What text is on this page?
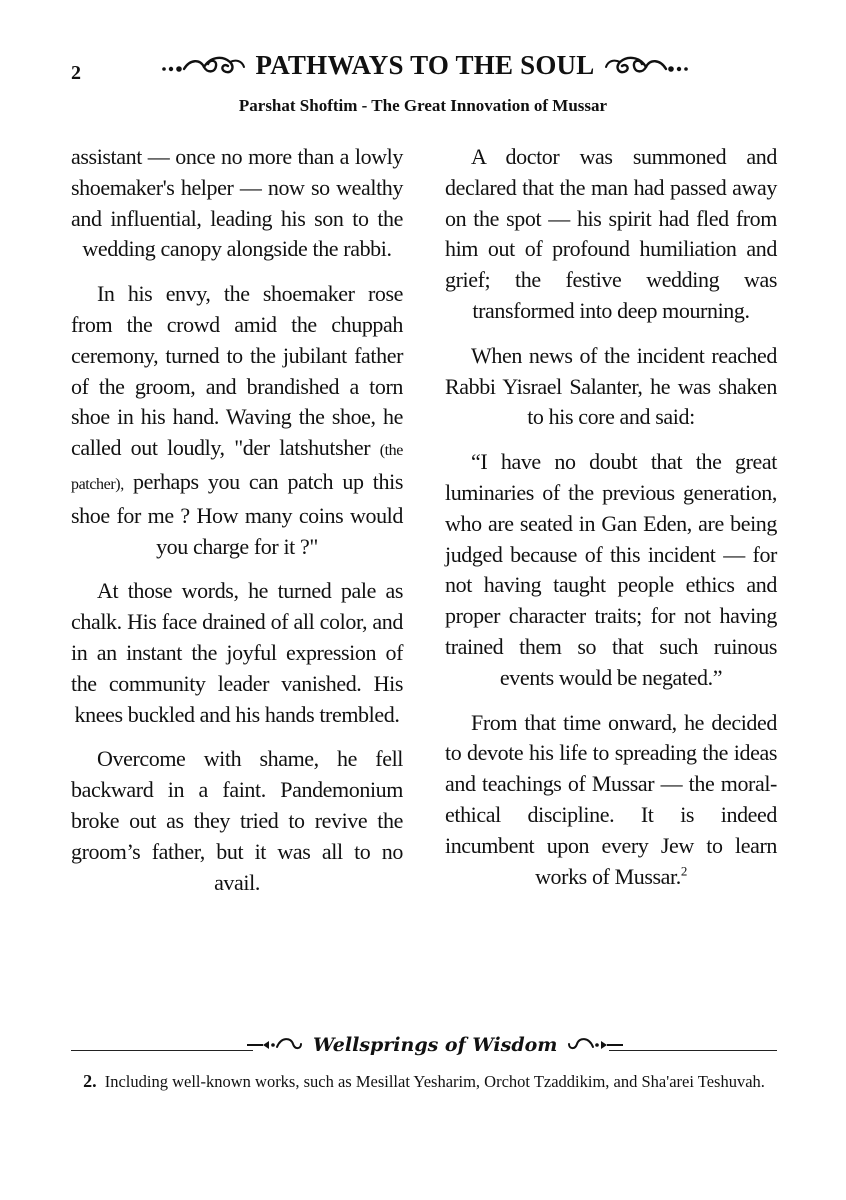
2	PATHWAYS TO THE SOUL
Parshat Shoftim - The Great Innovation of Mussar

assistant — once no more than a lowly shoemaker's helper — now so wealthy and influential, leading his son to the wedding canopy alongside the rabbi.

In his envy, the shoemaker rose from the crowd amid the chuppah ceremony, turned to the jubilant father of the groom, and brandished a torn shoe in his hand. Waving the shoe, he called out loudly, "der latshutsher (the patcher), perhaps you can patch up this shoe for me ? How many coins would you charge for it ?"

At those words, he turned pale as chalk. His face drained of all color, and in an instant the joyful expression of the community leader vanished. His knees buckled and his hands trembled.

Overcome with shame, he fell backward in a faint. Pandemonium broke out as they tried to revive the groom’s father, but it was all to no avail.

A doctor was summoned and declared that the man had passed away on the spot — his spirit had fled from him out of profound humiliation and grief; the festive wedding was transformed into deep mourning.

When news of the incident reached Rabbi Yisrael Salanter, he was shaken to his core and said:

“I have no doubt that the great luminaries of the previous generation, who are seated in Gan Eden, are being judged because of this incident — for not having taught people ethics and proper character traits; for not having trained them so that such ruinous events would be negated.”

From that time onward, he decided to devote his life to spreading the ideas and teachings of Mussar — the moral-ethical discipline. It is indeed incumbent upon every Jew to learn works of Mussar.$^2$

Wellsprings of Wisdom
2. Including well-known works, such as Mesillat Yesharim, Orchot Tzaddikim, and Sha'arei Teshuvah.
